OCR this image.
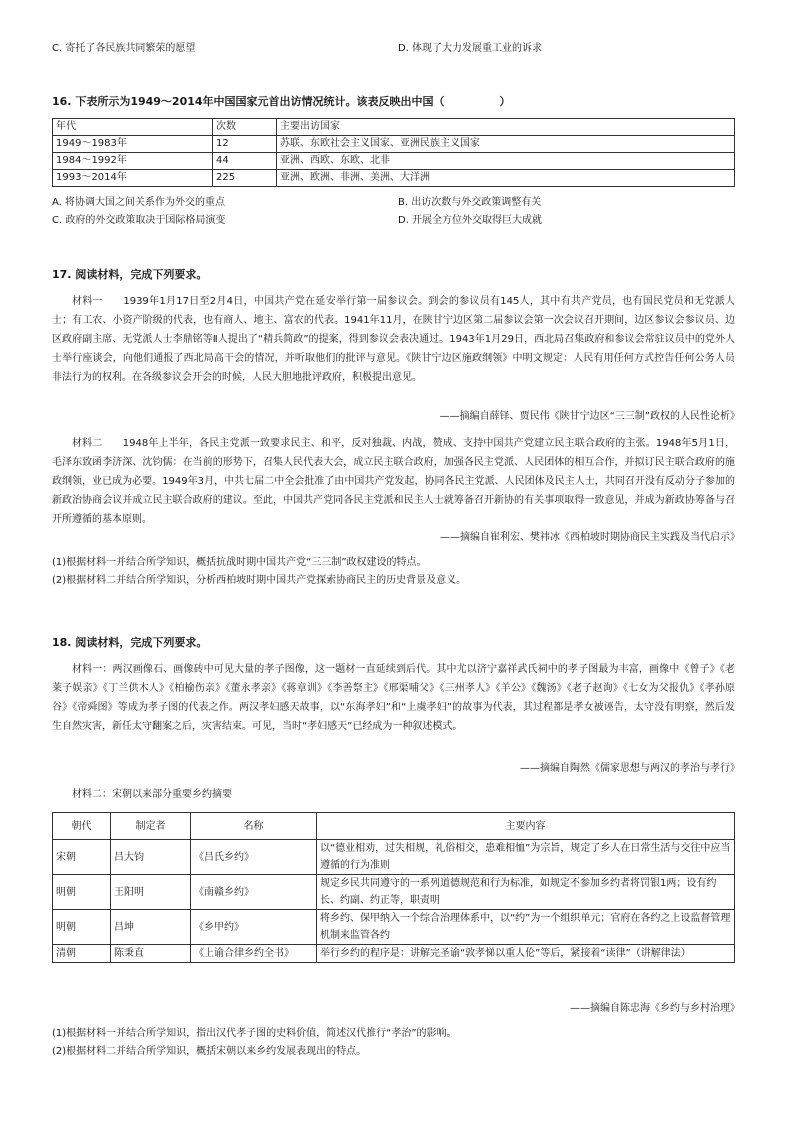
C. 寄托了各民族共同繁荣的愿望	D. 体现了大力发展重工业的诉求
16. 下表所示为1949～2014年中国国家元首出访情况统计。该表反映出中国（　　　　　）
年代	次数	主要出访国家
1949～1983年	12	苏联、东欧社会主义国家、亚洲民族主义国家
1984～1992年	44	亚洲、西欧、东欧、北非
1993～2014年	225	亚洲、欧洲、非洲、美洲、大洋洲
A. 将协调大国之间关系作为外交的重点	B. 出访次数与外交政策调整有关
C. 政府的外交政策取决于国际格局演变	D. 开展全方位外交取得巨大成就
17. 阅读材料，完成下列要求。
材料一　　1939年1月17日至2月4日，中国共产党在延安举行第一届参议会。到会的参议员有145人，其中有共产党员，也有国民党员和无党派人士；有工农、小资产阶级的代表，也有商人、地主、富农的代表。1941年11月，在陕甘宁边区第二届参议会第一次会议召开期间，边区参议会参议员、边区政府副主席、无党派人士李鼎铭等Ⅱ人提出了“精兵简政”的提案，得到参议会表决通过。1943年1月29日，西北局召集政府和参议会常驻议员中的党外人士举行座谈会，向他们通报了西北局高干会的情况，并听取他们的批评与意见。《陕甘宁边区施政纲领》中明文规定：人民有用任何方式控告任何公务人员非法行为的权利。在各级参议会开会的时候，人民大胆地批评政府，积极提出意见。
——摘编自薛铎、贾民伟《陕甘宁边区“三三制”政权的人民性论析》
材料二　　1948年上半年，各民主党派一致要求民主、和平，反对独裁、内战，赞成、支持中国共产党建立民主联合政府的主张。1948年5月1日，毛泽东致函李济深、沈钧儒：在当前的形势下，召集人民代表大会，成立民主联合政府，加强各民主党派、人民团体的相互合作，并拟订民主联合政府的施政纲领，业已成为必要。1949年3月，中共七届二中全会批准了由中国共产党发起，协同各民主党派、人民团体及民主人士，共同召开没有反动分子参加的新政治协商会议并成立民主联合政府的建议。至此，中国共产党同各民主党派和民主人士就筹备召开新协的有关事项取得一致意见，并成为新政协筹备与召开所遵循的基本原则。
——摘编自崔利宏、樊祎冰《西柏坡时期协商民主实践及当代启示》
(1)根据材料一并结合所学知识，概括抗战时期中国共产党“三三制”政权建设的特点。
(2)根据材料二并结合所学知识，分析西柏坡时期中国共产党探索协商民主的历史背景及意义。
18. 阅读材料，完成下列要求。
材料一：两汉画像石、画像砖中可见大量的孝子图像，这一题材一直延续到后代。其中尤以济宁嘉祥武氏祠中的孝子图最为丰富，画像中《曾子》《老莱子娱亲》《丁兰供木人》《柏榆伤亲》《董永孝亲》《蒋章训》《李善祭主》《邢渠哺父》《三州孝人》《羊公》《魏汤》《老子赵询》《七女为父报仇》《孝孙原谷》《帝舜图》等成为孝子图的代表之作。两汉孝妇感天故事，以“东海孝妇”和“上虞孝妇”的故事为代表，其过程都是孝女被诬告，太守没有明察，然后发生自然灾害，新任太守翻案之后，灾害结束。可见，当时“孝妇感天”已经成为一种叙述模式。
——摘编自陶然《儒家思想与两汉的孝治与孝行》
材料二：宋朝以来部分重要乡约摘要
朝代	制定者	名称	主要内容
宋朝	吕大钧	《吕氏乡约》	以“德业相劝，过失相规，礼俗相交，患难相恤”为宗旨，规定了乡人在日常生活与交往中应当遵循的行为准则
明朝	王阳明	《南赣乡约》	规定乡民共同遵守的一系列道德规范和行为标准，如规定不参加乡约者将罚银1两；设有约长、约副、约正等，职责明
明朝	吕坤	《乡甲约》	将乡约、保甲纳入一个综合治理体系中，以“约”为一个组织单元；官府在各约之上设监督管理机制来监管各约
清朝	陈秉直	《上谕合律乡约全书》	举行乡约的程序是：讲解完圣谕“敦孝悌以重人伦”等后，紧接着“读律”（讲解律法）
——摘编自陈忠海《乡约与乡村治理》
(1)根据材料一并结合所学知识，指出汉代孝子图的史料价值，简述汉代推行“孝治”的影响。
(2)根据材料二并结合所学知识，概括宋朝以来乡约发展表现出的特点。
